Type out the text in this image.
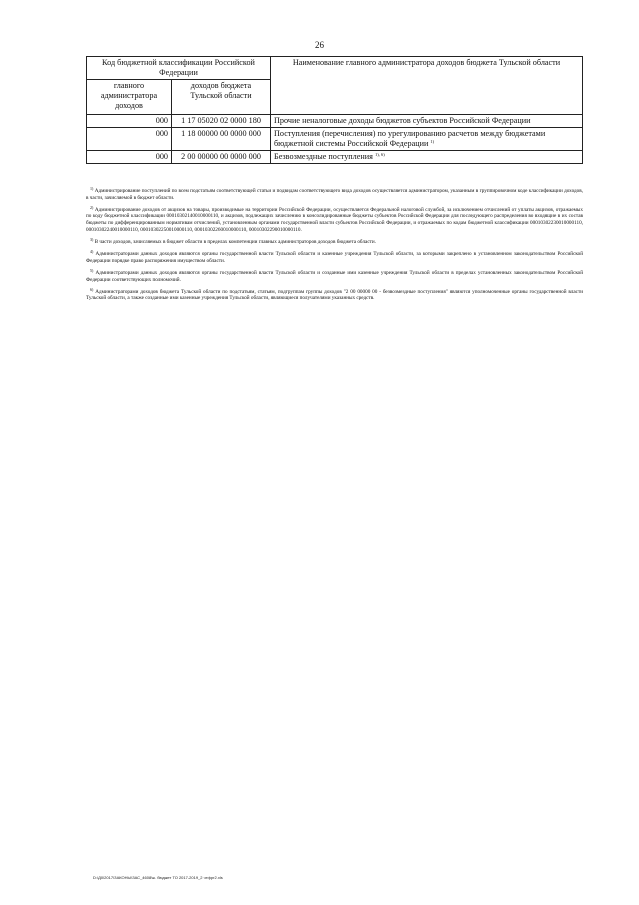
26
Код бюджетной классификации Российской Федерации		Наименование главного администратора доходов бюджета Тульской области
главного администратора доходов	доходов бюджета Тульской области	
000	1 17 05020 02 0000 180	Прочие неналоговые доходы бюджетов субъектов Российской Федерации
000	1 18 00000 00 0000 000	Поступления (перечисления) по урегулированию расчетов между бюджетами бюджетной системы Российской Федерации $^{1)}$
000	2 00 00000 00 0000 000	Безвозмездные поступления $^{1), 6)}$

$^{1)}$ Администрирование поступлений по всем подстатьям соответствующей статьи и подвидам соответствующего вида доходов осуществляется администратором, указанным в группировочном коде классификации доходов, в части, зачисляемой в бюджет области.

$^{2)}$ Администрирование доходов от акцизов на товары, производимые на территории Российской Федерации, осуществляется Федеральной налоговой службой, за исключением отчислений от уплаты акцизов, отражаемых по коду бюджетной классификации 00010302140010000110, и акцизов, подлежащих зачислению в консолидированные бюджеты субъектов Российской Федерации для последующего распределения во входящие в их состав бюджеты по дифференцированным нормативам отчислений, установленным органами государственной власти субъектов Российской Федерации, и отражаемых по кодам бюджетной классификации 00010302230010000110, 00010302240010000110, 00010302250010000110, 00010302260010000110, 00010302290010000110.

$^{3)}$ В части доходов, зачисляемых в бюджет области в пределах компетенции главных администраторов доходов бюджета области.

$^{4)}$ Администраторами данных доходов являются органы государственной власти Тульской области и казенные учреждения Тульской области, за которыми закреплено в установленном законодательством Российской Федерации порядке право распоряжения имуществом области.

$^{5)}$ Администраторами данных доходов являются органы государственной власти Тульской области и созданные ими казенные учреждения Тульской области в пределах установленных законодательством Российской Федерации соответствующих полномочий.

$^{6)}$ Администраторами доходов бюджета Тульской области по подстатьям, статьям, подгруппам группы доходов "2 00 00000 00 - безвозмездные поступления" являются уполномоченные органы государственной власти Тульской области, а также созданные ими казенные учреждения Тульской области, являющиеся получателями указанных средств.

D:\Д0\2017\ЗАКОНЫ\ЗАС_4608\ж. бюджет ТО 2017-2019_2 чтфрг2.xls
